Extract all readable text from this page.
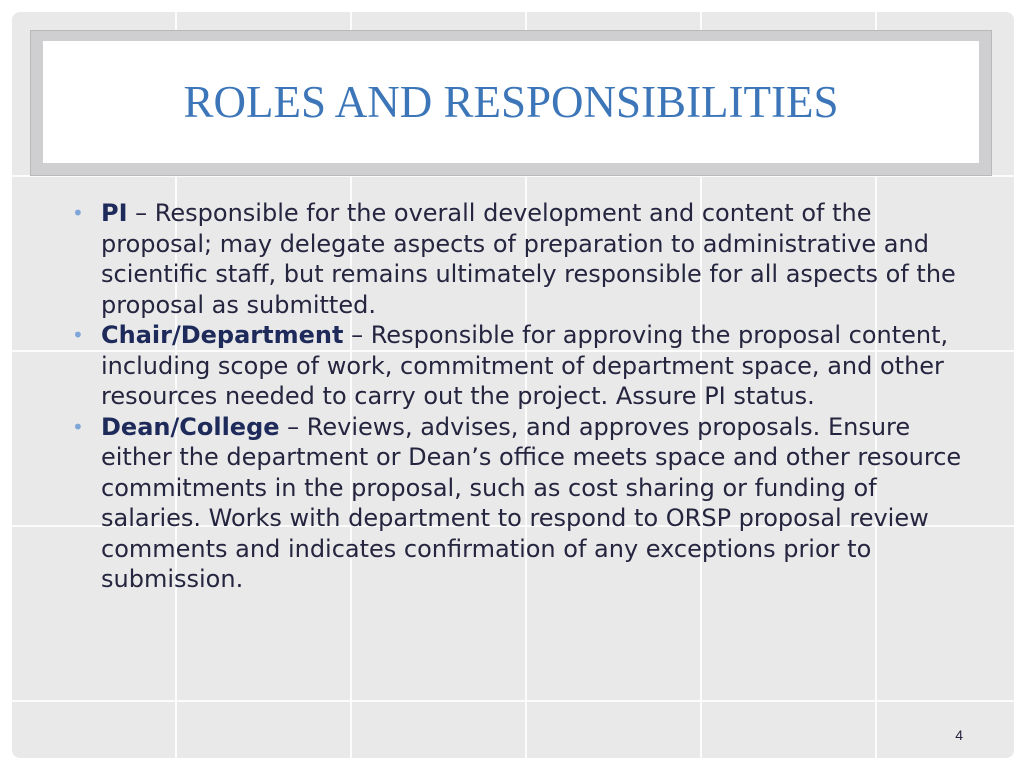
ROLES AND RESPONSIBILITIES
• PI – Responsible for the overall development and content of the proposal; may delegate aspects of preparation to administrative and scientific staff, but remains ultimately responsible for all aspects of the proposal as submitted.
• Chair/Department – Responsible for approving the proposal content, including scope of work, commitment of department space, and other resources needed to carry out the project. Assure PI status.
• Dean/College – Reviews, advises, and approves proposals. Ensure either the department or Dean’s office meets space and other resource commitments in the proposal, such as cost sharing or funding of salaries. Works with department to respond to ORSP proposal review comments and indicates confirmation of any exceptions prior to submission.
4
